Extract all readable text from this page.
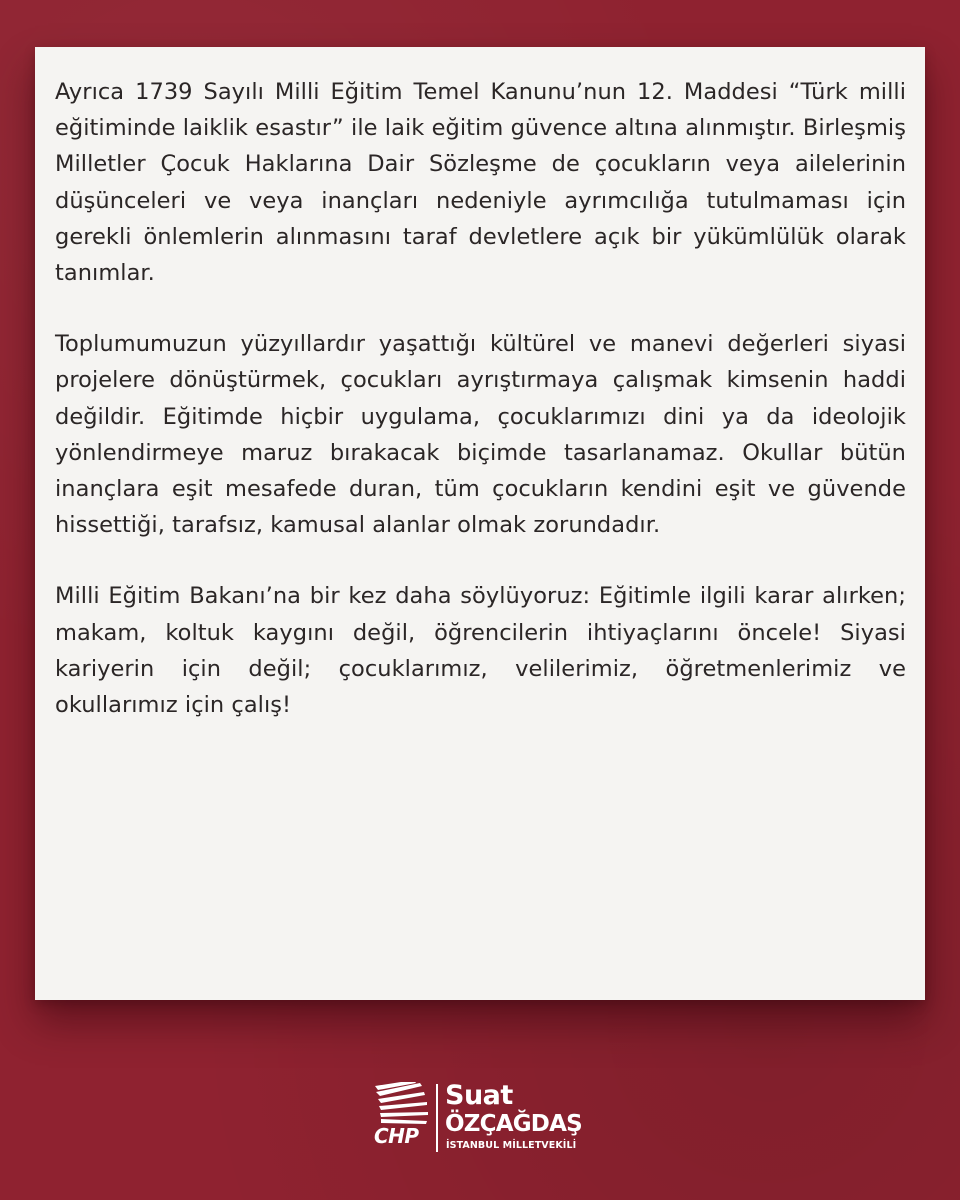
Ayrıca 1739 Sayılı Milli Eğitim Temel Kanunu’nun 12. Maddesi “Türk milli eğitiminde laiklik esastır” ile laik eğitim güvence altına alınmıştır. Birleşmiş Milletler Çocuk Haklarına Dair Sözleşme de çocukların veya ailelerinin düşünceleri ve veya inançları nedeniyle ayrımcılığa tutulmaması için gerekli önlemlerin alınmasını taraf devletlere açık bir yükümlülük olarak tanımlar.

Toplumumuzun yüzyıllardır yaşattığı kültürel ve manevi değerleri siyasi projelere dönüştürmek, çocukları ayrıştırmaya çalışmak kimsenin haddi değildir. Eğitimde hiçbir uygulama, çocuklarımızı dini ya da ideolojik yönlendirmeye maruz bırakacak biçimde tasarlanamaz. Okullar bütün inançlara eşit mesafede duran, tüm çocukların kendini eşit ve güvende hissettiği, tarafsız, kamusal alanlar olmak zorundadır.

Milli Eğitim Bakanı’na bir kez daha söylüyoruz: Eğitimle ilgili karar alırken; makam, koltuk kaygını değil, öğrencilerin ihtiyaçlarını öncele! Siyasi kariyerin için değil; çocuklarımız, velilerimiz, öğretmenlerimiz ve okullarımız için çalış!

CHP
Suat
ÖZÇAĞDAŞ
İSTANBUL MİLLETVEKİLİ
